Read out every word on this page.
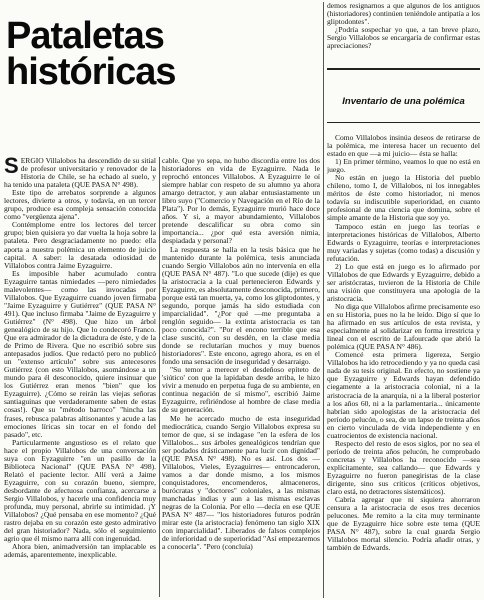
Pataletas
históricas

demos resignarnos a que algunos de los antiguos (historiadores) continúen teniéndole antipatía a los gliptodontes".

¿Podría sospechar yo que, a tan breve plazo, Sergio Villalobos se encargaría de confirmar estas apreciaciones?

Inventario de una polémica

SERGIO Villalobos ha descendido de su sitial de profesor universitario y renovador de la Historia de Chile, se ha echado al suelo, y ha tenido una pataleta (QUE PASA N° 498).

Este tipo de arrebatos sorprende a algunos lectores, divierte a otros, y todavía, en un tercer grupo, produce esa compleja sensación conocida como "vergüenza ajena".

Contémplome entre los lectores del tercer grupo; bien quisiera yo dar vuelta la hoja sobre la pataleta. Pero desgraciadamente no puedo: ella aporta a nuestra polémica un elemento de juicio capital. A saber: la desatada odiosidad de Villalobos contra Jaime Eyzaguirre.

Es imposible haber acumulado contra Eyzaguirre tantas nimiedades —pero nimiedades malevolentes— como las invocadas por Villalobos. Que Eyzaguirre cuando joven firmaba "Jaime Eyzaguirre y Gutiérrez" (QUE PASA N° 491). Que incluso firmaba "Jaime de Eyzaguirre y Gutiérrez" (N° 498). Que hizo un árbol genealógico de su hijo. Que lo condecoró Franco. Que era admirador de la dictadura de éste, y de la de Primo de Rivera. Que no escribió sobre sus antepasados judíos. Que redactó pero no publicó un "extenso artículo" sobre sus antecesores Gutiérrez (con esto Villalobos, asomándose a un mundo para él desconocido, quiere insinuar que los Gutiérrez eran menos "bien" que los Eyzaguirre). ¿Cómo se reirán las viejas señoras santiaguinas que verdaderamente saben de estas cosas!). Que su "método barroco" "hincha las frases, rebusca palabras altisonantes y acude a las emociones líricas sin tocar en el fondo del pasado", etc.

Particularmente angustioso es el relato que hace el propio Villalobos de una conversación suya con Eyzaguirre "en un pasillo de la Biblioteca Nacional" (QUE PASA N° 498). Relató el paciente lector. Allí verá a Jaime Eyzaguirre, con su corazón bueno, siempre, desbordante de afectuosa confianza, acercarse a Sergio Villalobos, y hacerle una confidencia muy profunda, muy personal, abrirle su intimidad. ¡Y Villalobos? ¿Qué pensaba en ese momento? ¿Qué rastro dejaba en su corazón este gesto admirativo del gran historiador? Nada, sólo el seguimiento agrio que él mismo narra allí con ingenuidad.

Ahora bien, animadversión tan implacable es además, aparentemente, inexplicable.

cable. Que yo sepa, no hubo discordia entre los dos historiadores en vida de Eyzaguirre. Nada le reprochó entonces Villalobos. A Eyzaguirre le oí siempre hablar con respeto de su alumno ya ahora amargo detractor, y aun alabar entusiastamente un libro suyo ("Comercio y Navegación en el Río de la Plata"). Por lo demás, Eyzaguirre murió hace doce años. Y si, a mayor abundamiento, Villalobos pretende descalificar su obra como sin importancia... ¿por qué esta aversión nimia, despiadada y personal?

La respuesta se halla en la tesis básica que he mantenido durante la polémica, tesis anunciada cuando Sergio Villalobos aún no intervenía en ella (QUE PASA N° 487). "Lo que sucede (dije) es que la aristocracia a la cual pertenecieron Edwards y Eyzaguirre, es absolutamente desconocida, primero, porque está tan muerta, ya, como los gliptodontes, y segundo, porque jamás ha sido estudiada con imparcialidad". "¿Por qué —me preguntaba a renglón seguido— la extinta aristocracia es tan poco conocida?". "Por el encono terrible que esa clase suscitó, con su desdén, en la clase media donde se reclutarían muchos y muy buenos historiadores". Este encono, agrego ahora, es en el fondo una sensación de inseguridad y desarraigo.

"Su temor a merecer el desdeñoso epíteto de 'siútico' con que la lapidaban desde arriba, le hizo vivir a menudo en perpetua fuga de su ambiente, en continua negación de sí mismo", escribió Jaime Eyzaguirre, refiriéndose al hombre de clase media de su generación.

Me he acercado mucho de esta inseguridad mediocrática, cuando Sergio Villalobos expresa su temor de que, si se indagase "en la esfera de los Villalobos... sus árboles genealógicos tendrían que ser podados drásticamente para lucir con dignidad" (QUE PASA N° 498). No es así. Los dos —Villalobos, Vieles, Eyzaguirres— entroncaderon, vamos a dar donde mismo, a los mismos conquistadores, encomenderos, almaceneros, burócratas y "doctores" coloniales, a las mismas manchadas indias y aun a las mismas esclavas negras de la Colonia. Por ello —decía en ese QUE PASA N° 487— "los historiadores futuros podrán mirar este (la aristocracia) fenómeno tan siglo XIX con imparcialidad". Liberados de falsos complejos de inferioridad o de superioridad "Así empezaremos a conocerla". "Pero (concluía)

Como Villalobos insinúa deseos de retirarse de la polémica, me interesa hacer un recuento del estado en que —a mi juicio— ésta se halla:

1) En primer término, veamos lo que no está en juego.

No están en juego la Historia del pueblo chileno, tomo I, de Villalobos, ni los innegables méritos de éste como historiador, ni menos todavía su indiscutible superioridad, en cuanto profesional de una ciencia que domina, sobre el simple amante de la Historia que soy yo.

Tampoco están en juego las teorías e interpretaciones históricas de Villalobos, Alberto Edwards o Eyzaguirre, teorías e interpretaciones muy variadas y sujetas (como todas) a discusión y refutación.

2) Lo que está en juego es lo afirmado por Villalobos de que Edwards y Eyzaguirre, debido a ser aristócratas, tuvieron de la Historia de Chile una visión que constituyera una apología de la aristocracia.

No diga que Villalobos afirme precisamente eso en su Historia, pues no la he leído. Digo sí que lo ha afirmado en sus artículos de esta revista, y especialmente al solidarizar en forma irrestricta y lineal con el escrito de Lafourcade que abrió la polémica (QUE PASA N° 486).

Comencé esta primera ligereza, Sergio Villalobos ha ido retrocediendo y ya no queda casi nada de su tesis original. En efecto, no sostiene ya que Eyzaguirre y Edwards hayan defendido ciegamente a la aristocracia colonial, ni a la aristocracia de la anarquía, ni a la liberal posterior a los años 60, ni a la parlamentaria... únicamente habrían sido apologistas de la aristocracia del período pelucón, o sea, de un lapso de treinta años en cierto vinculada de vida independiente y en cuatrocientos de existencia nacional.

Respecto del resto de esos siglos, por no sea el período de treinta años pelucón, he comprobado concretas y Villalobos ha reconocido —sea explícitamente, sea callando— que Edwards y Eyzaguirre no fueron panegiristas de la clase dirigente, sino sus críticos (críticos objetivos, claro está, no detractores sistemáticos).

Cabría agregar que ni siquiera ahorraron censura a la aristocracia de esos tres decenios pelucones. Me remito a la cita muy terminante que de Eyzaguirre hice sobre este tema (QUE PASA N° 487), sobre la cual guarda Sergio Villalobos mortal silencio. Podría añadir otras, y también de Edwards.
